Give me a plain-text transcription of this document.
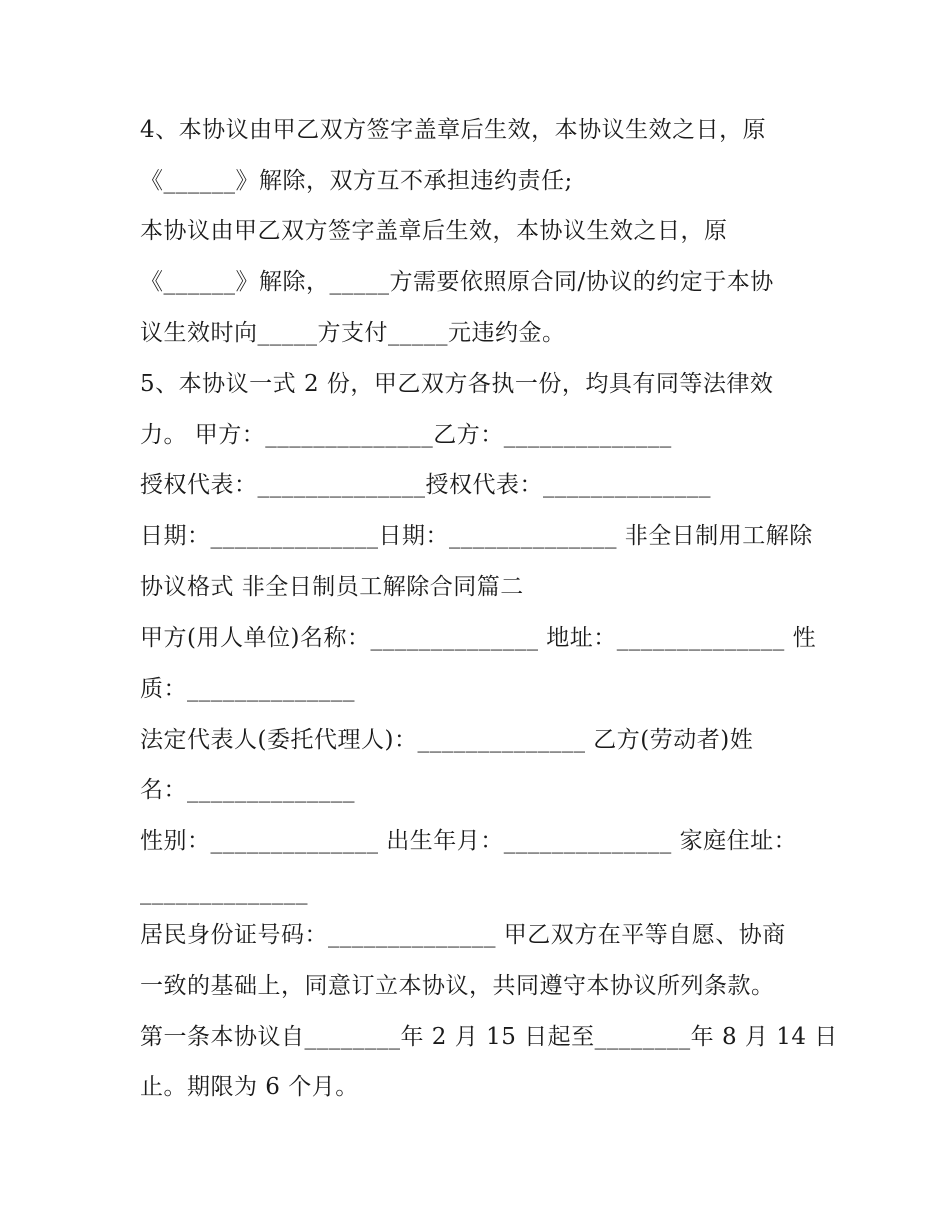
4、本协议由甲乙双方签字盖章后生效，本协议生效之日，原
《______》解除，双方互不承担违约责任;
本协议由甲乙双方签字盖章后生效，本协议生效之日，原
《______》解除，_____方需要依照原合同/协议的约定于本协
议生效时向_____方支付_____元违约金。
5、本协议一式 2 份，甲乙双方各执一份，均具有同等法律效
力。 甲方：______________乙方：______________
授权代表：______________授权代表：______________
日期：______________日期：______________ 非全日制用工解除
协议格式 非全日制员工解除合同篇二
甲方(用人单位)名称：______________ 地址：______________ 性
质：______________
法定代表人(委托代理人)：______________ 乙方(劳动者)姓
名：______________
性别：______________ 出生年月：______________ 家庭住址：
______________
居民身份证号码：______________ 甲乙双方在平等自愿、协商
一致的基础上，同意订立本协议，共同遵守本协议所列条款。
第一条本协议自________年 2 月 15 日起至________年 8 月 14 日
止。期限为 6 个月。
